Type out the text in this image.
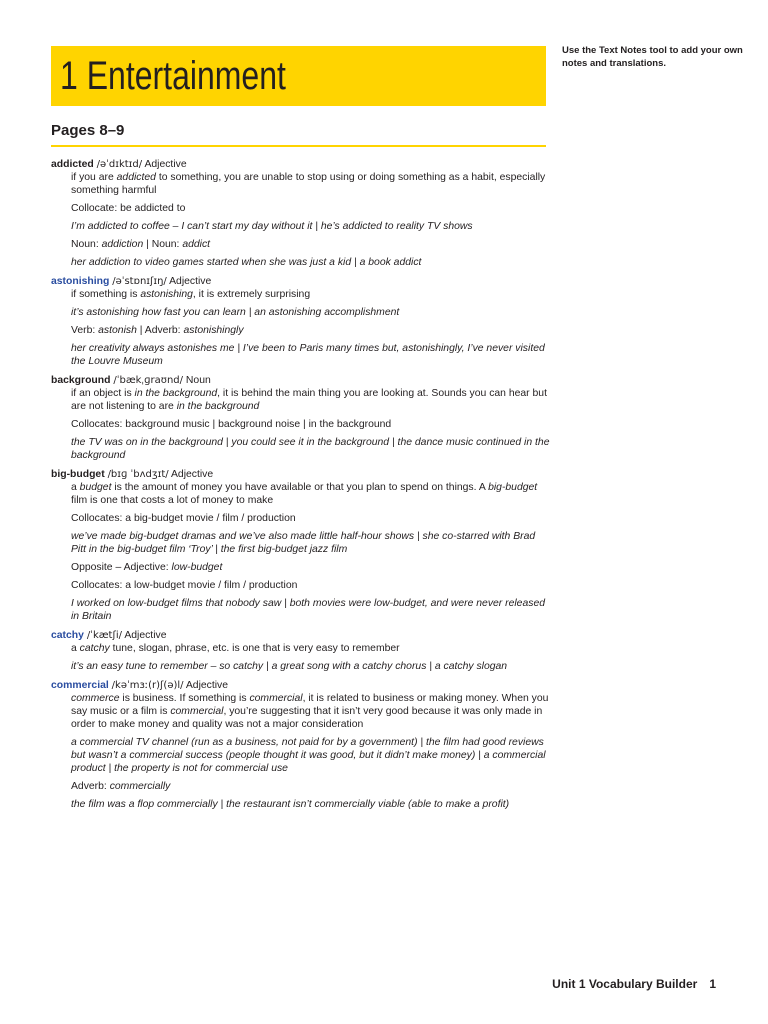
1 Entertainment
Use the Text Notes tool to add your own notes and translations.
Pages 8–9
addicted /əˈdɪktɪd/ Adjective
if you are addicted to something, you are unable to stop using or doing something as a habit, especially something harmful
Collocate: be addicted to
I’m addicted to coffee – I can’t start my day without it | he’s addicted to reality TV shows
Noun: addiction | Noun: addict
her addiction to video games started when she was just a kid | a book addict
astonishing /əˈstɒnɪʃɪŋ/ Adjective
if something is astonishing, it is extremely surprising
it’s astonishing how fast you can learn | an astonishing accomplishment
Verb: astonish | Adverb: astonishingly
her creativity always astonishes me | I’ve been to Paris many times but, astonishingly, I’ve never visited the Louvre Museum
background /ˈbækˌɡraʊnd/ Noun
if an object is in the background, it is behind the main thing you are looking at. Sounds you can hear but are not listening to are in the background
Collocates: background music | background noise | in the background
the TV was on in the background | you could see it in the background | the dance music continued in the background
big-budget /bɪɡ ˈbʌdʒɪt/ Adjective
a budget is the amount of money you have available or that you plan to spend on things. A big-budget film is one that costs a lot of money to make
Collocates: a big-budget movie / film / production
we’ve made big-budget dramas and we’ve also made little half-hour shows | she co-starred with Brad Pitt in the big-budget film ‘Troy’ | the first big-budget jazz film
Opposite – Adjective: low-budget
Collocates: a low-budget movie / film / production
I worked on low-budget films that nobody saw | both movies were low-budget, and were never released in Britain
catchy /ˈkætʃi/ Adjective
a catchy tune, slogan, phrase, etc. is one that is very easy to remember
it’s an easy tune to remember – so catchy | a great song with a catchy chorus | a catchy slogan
commercial /kəˈmɜː(r)ʃ(ə)l/ Adjective
commerce is business. If something is commercial, it is related to business or making money. When you say music or a film is commercial, you’re suggesting that it isn’t very good because it was only made in order to make money and quality was not a major consideration
a commercial TV channel (run as a business, not paid for by a government) | the film had good reviews but wasn’t a commercial success (people thought it was good, but it didn’t make money) | a commercial product | the property is not for commercial use
Adverb: commercially
the film was a flop commercially | the restaurant isn’t commercially viable (able to make a profit)
Unit 1 Vocabulary Builder 1
